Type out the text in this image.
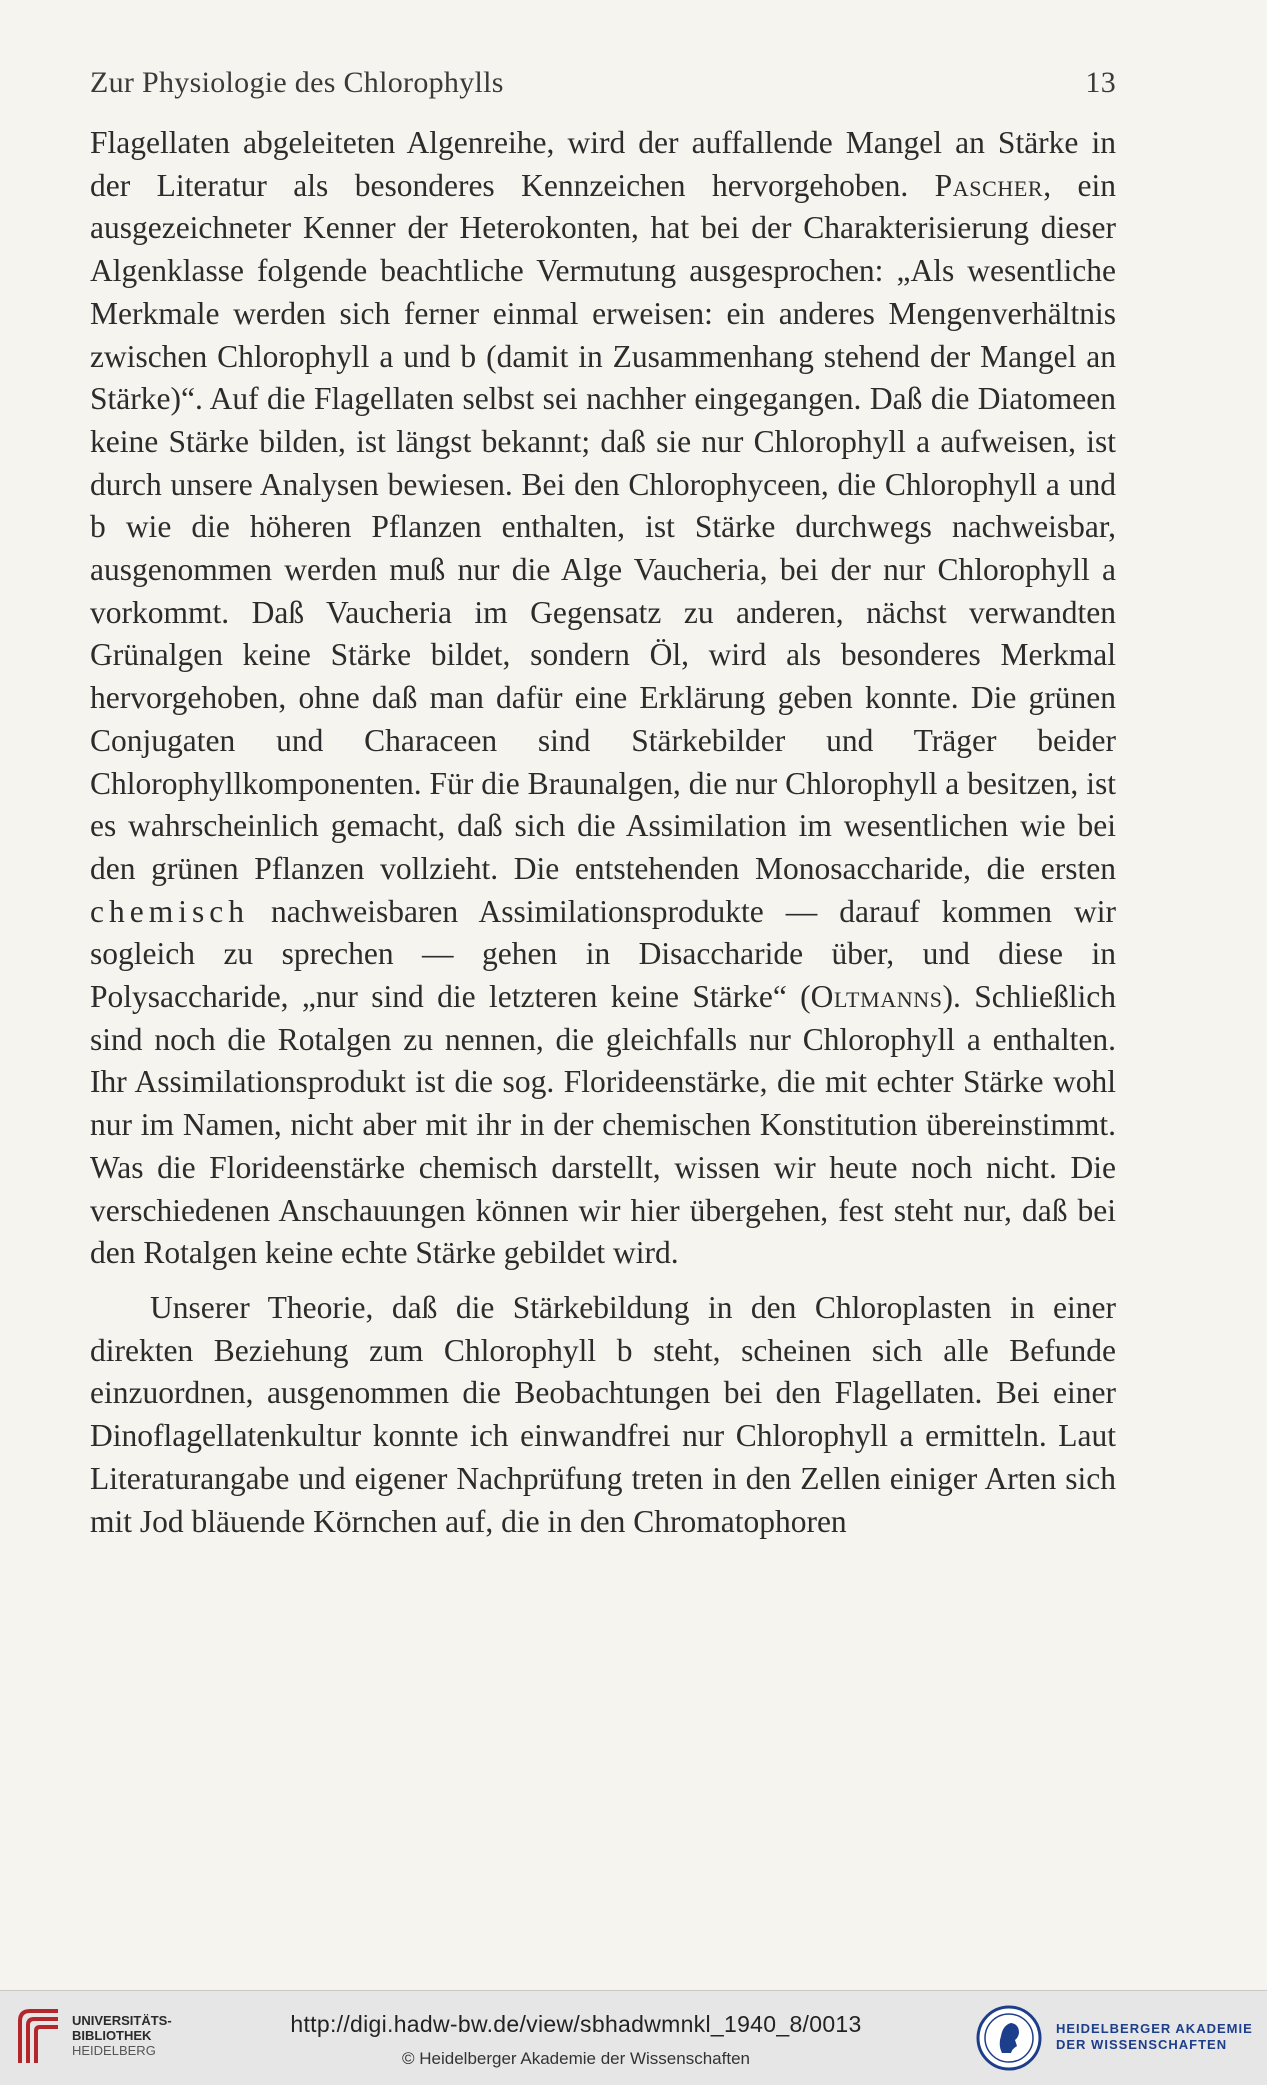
Zur Physiologie des Chlorophylls	13

Flagellaten abgeleiteten Algenreihe, wird der auffallende Mangel an Stärke in der Literatur als besonderes Kennzeichen hervorgehoben. Pascher, ein ausgezeichneter Kenner der Heterokonten, hat bei der Charakterisierung dieser Algenklasse folgende beachtliche Vermutung ausgesprochen: „Als wesentliche Merkmale werden sich ferner einmal erweisen: ein anderes Mengenverhältnis zwischen Chlorophyll a und b (damit in Zusammenhang stehend der Mangel an Stärke)“. Auf die Flagellaten selbst sei nachher eingegangen. Daß die Diatomeen keine Stärke bilden, ist längst bekannt; daß sie nur Chlorophyll a aufweisen, ist durch unsere Analysen bewiesen. Bei den Chlorophyceen, die Chlorophyll a und b wie die höheren Pflanzen enthalten, ist Stärke durchwegs nachweisbar, ausgenommen werden muß nur die Alge Vaucheria, bei der nur Chlorophyll a vorkommt. Daß Vaucheria im Gegensatz zu anderen, nächst verwandten Grünalgen keine Stärke bildet, sondern Öl, wird als besonderes Merkmal hervorgehoben, ohne daß man dafür eine Erklärung geben konnte. Die grünen Conjugaten und Characeen sind Stärkebilder und Träger beider Chlorophyllkomponenten. Für die Braunalgen, die nur Chlorophyll a besitzen, ist es wahrscheinlich gemacht, daß sich die Assimilation im wesentlichen wie bei den grünen Pflanzen vollzieht. Die entstehenden Monosaccharide, die ersten chemisch nachweisbaren Assimilationsprodukte — darauf kommen wir sogleich zu sprechen — gehen in Disaccharide über, und diese in Polysaccharide, „nur sind die letzteren keine Stärke“ (Oltmanns). Schließlich sind noch die Rotalgen zu nennen, die gleichfalls nur Chlorophyll a enthalten. Ihr Assimilationsprodukt ist die sog. Florideenstärke, die mit echter Stärke wohl nur im Namen, nicht aber mit ihr in der chemischen Konstitution übereinstimmt. Was die Florideenstärke chemisch darstellt, wissen wir heute noch nicht. Die verschiedenen Anschauungen können wir hier übergehen, fest steht nur, daß bei den Rotalgen keine echte Stärke gebildet wird.

Unserer Theorie, daß die Stärkebildung in den Chloroplasten in einer direkten Beziehung zum Chlorophyll b steht, scheinen sich alle Befunde einzuordnen, ausgenommen die Beobachtungen bei den Flagellaten. Bei einer Dinoflagellatenkultur konnte ich einwandfrei nur Chlorophyll a ermitteln. Laut Literaturangabe und eigener Nachprüfung treten in den Zellen einiger Arten sich mit Jod bläuende Körnchen auf, die in den Chromatophoren

UNIVERSITÄTS-
BIBLIOTHEK
HEIDELBERG
http://digi.hadw-bw.de/view/sbhadwmnkl_1940_8/0013
© Heidelberger Akademie der Wissenschaften
HEIDELBERGER AKADEMIE
DER WISSENSCHAFTEN
